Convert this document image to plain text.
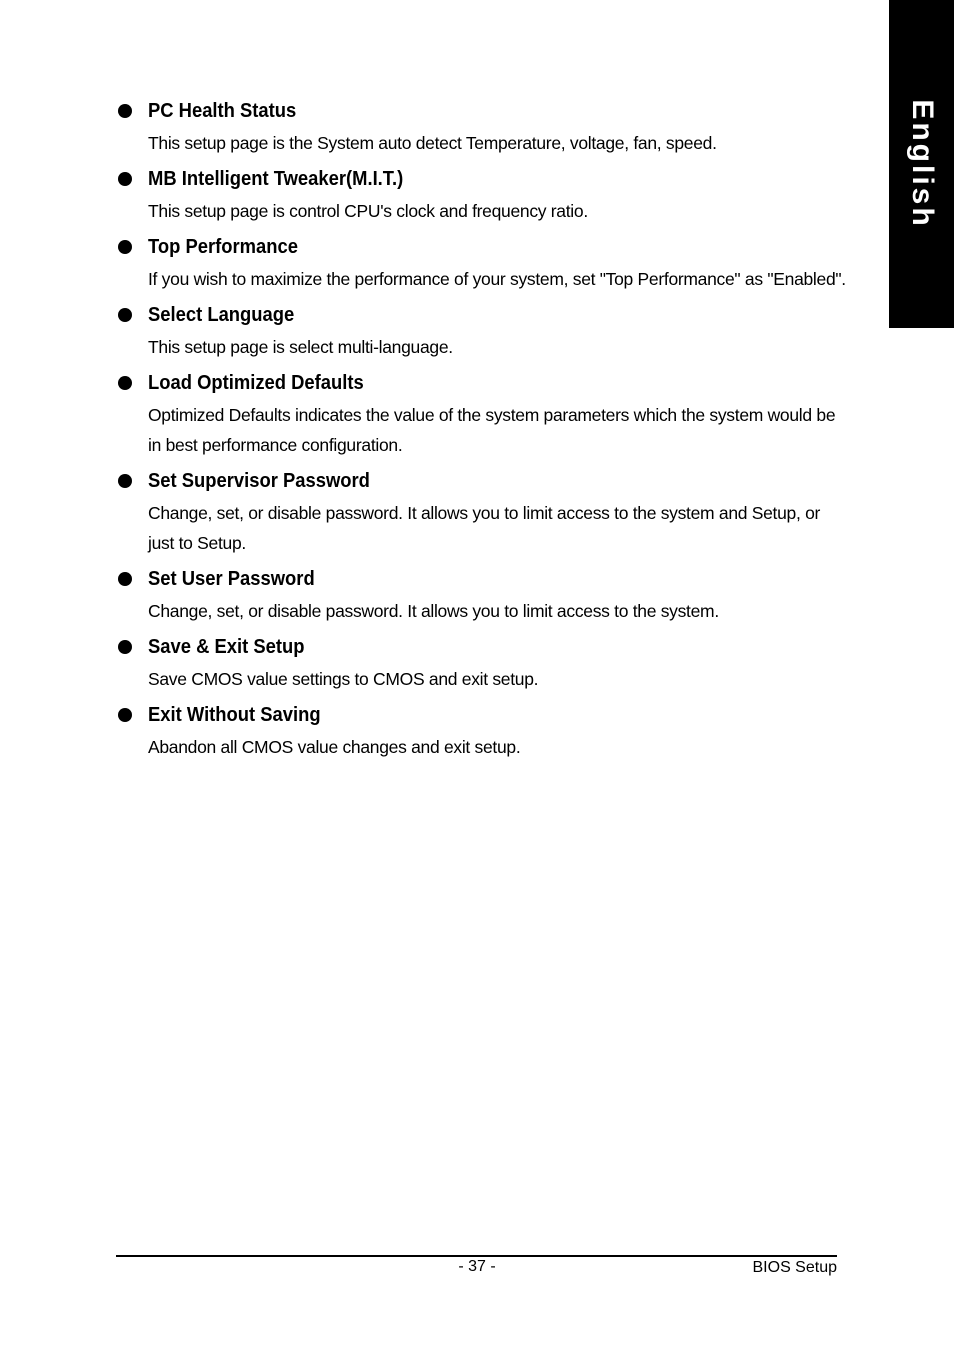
English
PC Health Status

This setup page is the System auto detect Temperature, voltage, fan, speed.

MB Intelligent Tweaker(M.I.T.)

This setup page is control CPU's clock and frequency ratio.

Top Performance

If you wish to maximize the performance of your system, set "Top Performance" as "Enabled".

Select Language

This setup page is select multi-language.

Load Optimized Defaults

Optimized Defaults indicates the value of the system parameters which the system would be in best performance configuration.

Set Supervisor Password

Change, set, or disable password. It allows you to limit access to the system and Setup, or just to Setup.

Set User Password

Change, set, or disable password. It allows you to limit access to the system.

Save & Exit Setup

Save CMOS value settings to CMOS and exit setup.

Exit Without Saving

Abandon all CMOS value changes and exit setup.

- 37 -	BIOS Setup
